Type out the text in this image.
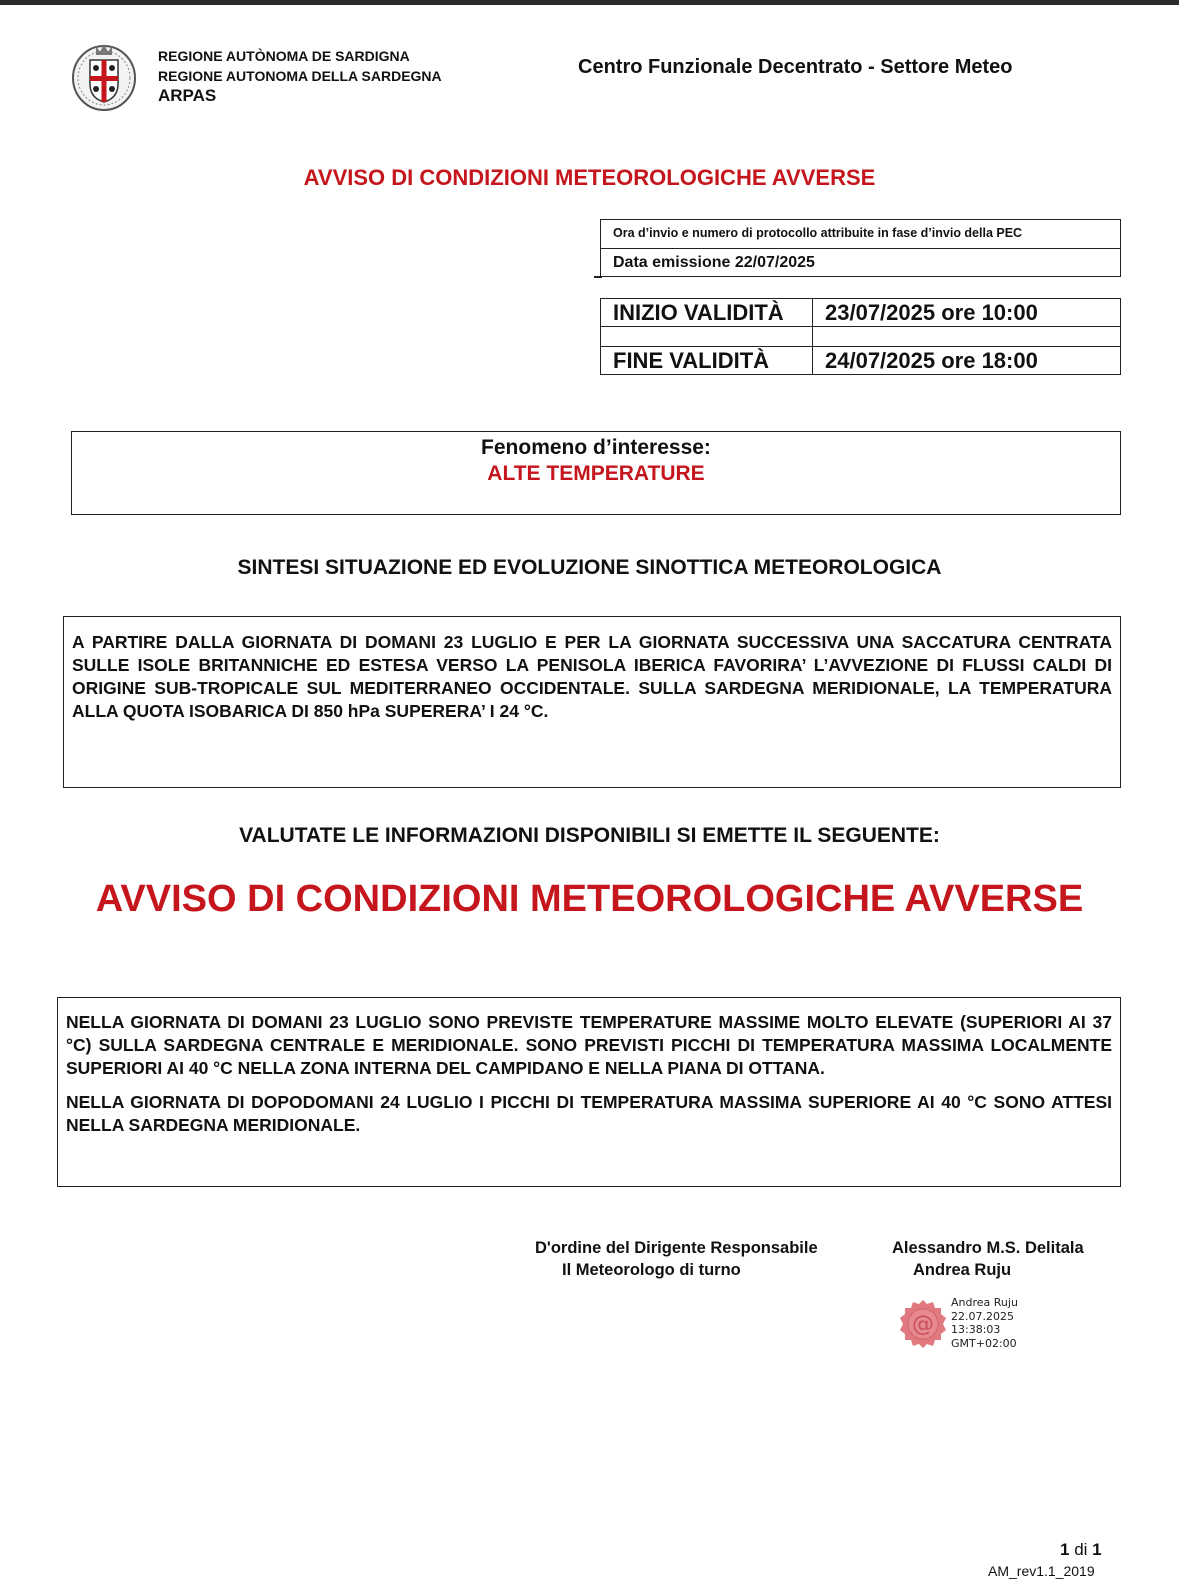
REGIONE AUTÒNOMA DE SARDIGNA
REGIONE AUTONOMA DELLA SARDEGNA
ARPAS
Centro Funzionale Decentrato - Settore Meteo
AVVISO DI CONDIZIONI METEOROLOGICHE AVVERSE
Ora d’invio e numero di protocollo attribuite in fase d’invio della PEC
Data emissione 22/07/2025
INIZIO VALIDITÀ	23/07/2025 ore 10:00
FINE VALIDITÀ	24/07/2025 ore 18:00
Fenomeno d’interesse:
ALTE TEMPERATURE
SINTESI SITUAZIONE ED EVOLUZIONE SINOTTICA METEOROLOGICA

A PARTIRE DALLA GIORNATA DI DOMANI 23 LUGLIO E PER LA GIORNATA SUCCESSIVA UNA SACCATURA CENTRATA SULLE ISOLE BRITANNICHE ED ESTESA VERSO LA PENISOLA IBERICA FAVORIRA’ L’AVVEZIONE DI FLUSSI CALDI DI ORIGINE SUB-TROPICALE SUL MEDITERRANEO OCCIDENTALE. SULLA SARDEGNA MERIDIONALE, LA TEMPERATURA ALLA QUOTA ISOBARICA DI 850 hPa SUPERERA’ I 24 °C.

VALUTATE LE INFORMAZIONI DISPONIBILI SI EMETTE IL SEGUENTE:
AVVISO DI CONDIZIONI METEOROLOGICHE AVVERSE

NELLA GIORNATA DI DOMANI 23 LUGLIO SONO PREVISTE TEMPERATURE MASSIME MOLTO ELEVATE (SUPERIORI AI 37 °C) SULLA SARDEGNA CENTRALE E MERIDIONALE. SONO PREVISTI PICCHI DI TEMPERATURA MASSIMA LOCALMENTE SUPERIORI AI 40 °C NELLA ZONA INTERNA DEL CAMPIDANO E NELLA PIANA DI OTTANA.

NELLA GIORNATA DI DOPODOMANI 24 LUGLIO I PICCHI DI TEMPERATURA MASSIMA SUPERIORE AI 40 °C SONO ATTESI NELLA SARDEGNA MERIDIONALE.

D'ordine del Dirigente Responsabile
Il Meteorologo di turno
Alessandro M.S. Delitala
Andrea Ruju
@
Andrea Ruju
22.07.2025
13:38:03
GMT+02:00
1 di 1
AM_rev1.1_2019
